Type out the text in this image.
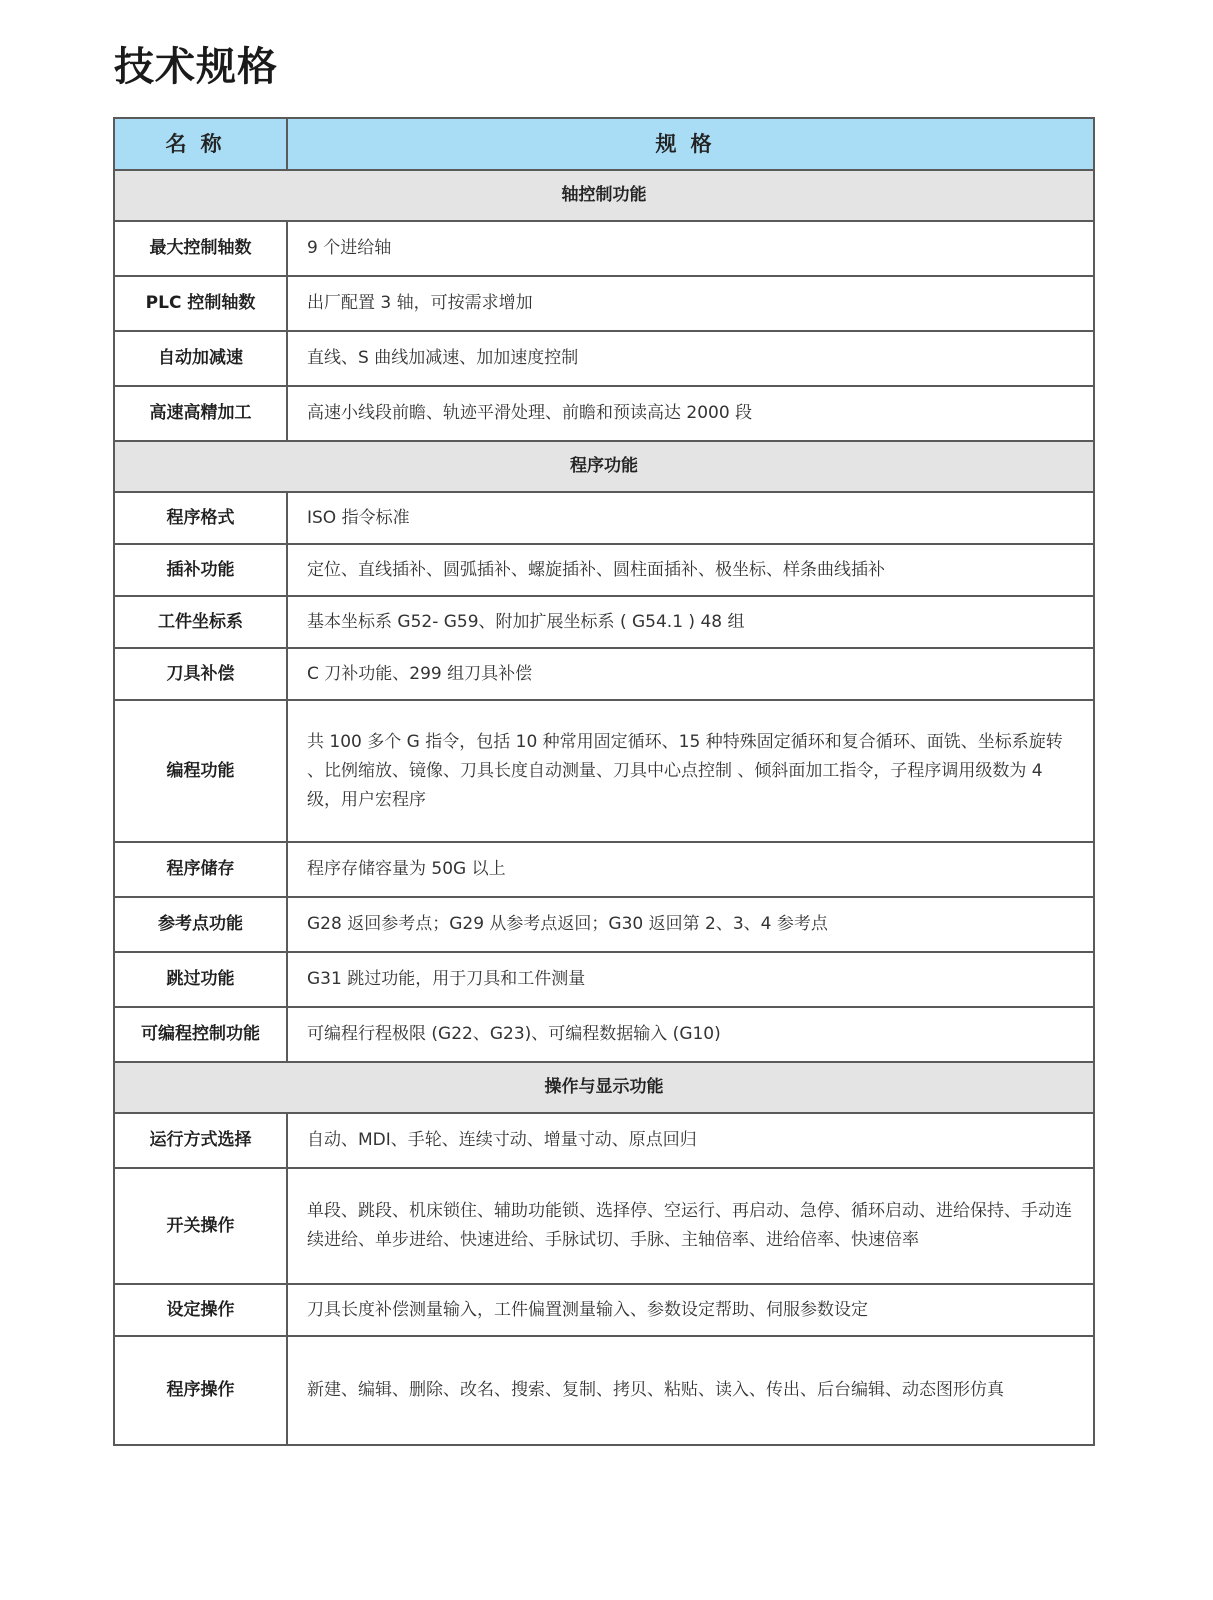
技术规格
名称	规格
轴控制功能	
最大控制轴数	9 个进给轴
PLC 控制轴数	出厂配置 3 轴，可按需求增加
自动加减速	直线、S 曲线加减速、加加速度控制
高速高精加工	高速小线段前瞻、轨迹平滑处理、前瞻和预读高达 2000 段
程序功能	
程序格式	ISO 指令标准
插补功能	定位、直线插补、圆弧插补、螺旋插补、圆柱面插补、极坐标、样条曲线插补
工件坐标系	基本坐标系 G52- G59、附加扩展坐标系 ( G54.1 ) 48 组
刀具补偿	C 刀补功能、299 组刀具补偿
编程功能	共 100 多个 G 指令，包括 10 种常用固定循环、15 种特殊固定循环和复合循环、面铣、坐标系旋转 、比例缩放、镜像、刀具长度自动测量、刀具中心点控制 、倾斜面加工指令，子程序调用级数为 4 级，用户宏程序
程序储存	程序存储容量为 50G 以上
参考点功能	G28 返回参考点；G29 从参考点返回；G30 返回第 2、3、4 参考点
跳过功能	G31 跳过功能，用于刀具和工件测量
可编程控制功能	可编程行程极限 (G22、G23)、可编程数据输入 (G10)
操作与显示功能	
运行方式选择	自动、MDI、手轮、连续寸动、增量寸动、原点回归
开关操作	单段、跳段、机床锁住、辅助功能锁、选择停、空运行、再启动、急停、循环启动、进给保持、手动连续进给、单步进给、快速进给、手脉试切、手脉、主轴倍率、进给倍率、快速倍率
设定操作	刀具长度补偿测量输入，工件偏置测量输入、参数设定帮助、伺服参数设定
程序操作	新建、编辑、删除、改名、搜索、复制、拷贝、粘贴、读入、传出、后台编辑、动态图形仿真
